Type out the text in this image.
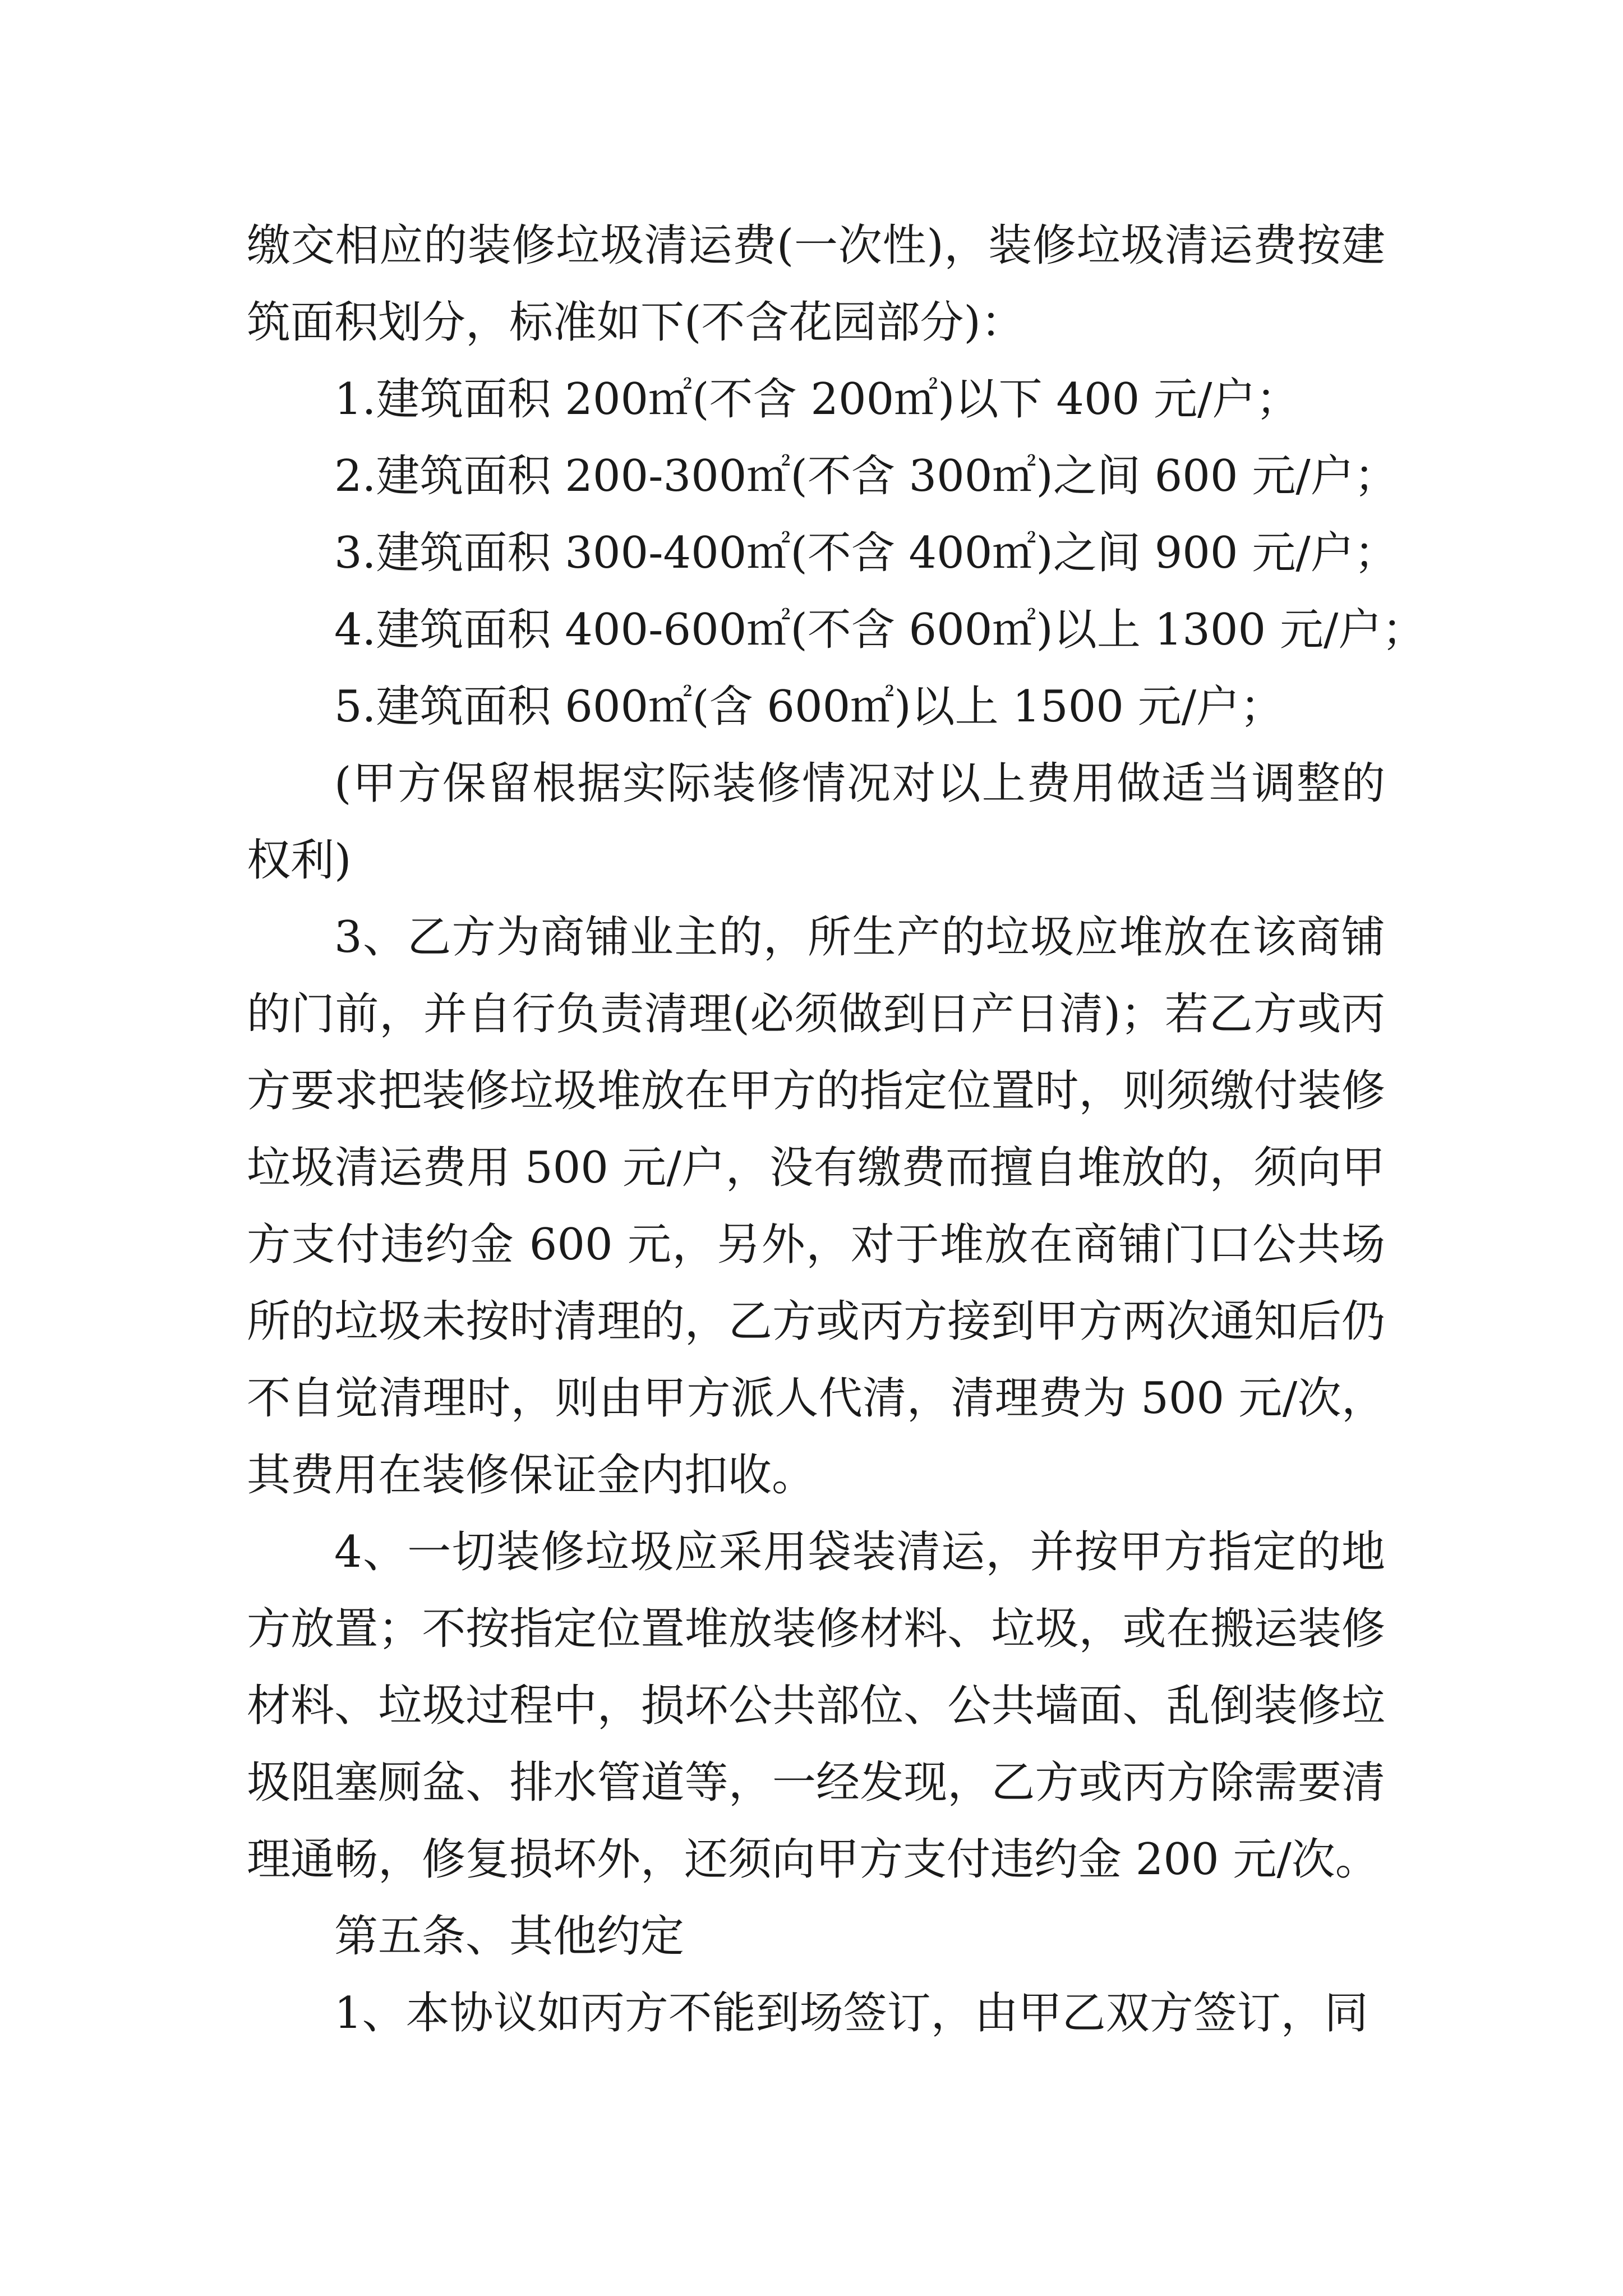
缴交相应的装修垃圾清运费(一次性)，装修垃圾清运费按建筑面积划分，标准如下(不含花园部分)：

1.建筑面积 200㎡(不含 200㎡)以下 400 元/户；

2.建筑面积 200-300㎡(不含 300㎡)之间 600 元/户；

3.建筑面积 300-400㎡(不含 400㎡)之间 900 元/户；

4.建筑面积 400-600㎡(不含 600㎡)以上 1300 元/户；

5.建筑面积 600㎡(含 600㎡)以上 1500 元/户；

(甲方保留根据实际装修情况对以上费用做适当调整的权利)

3、乙方为商铺业主的，所生产的垃圾应堆放在该商铺的门前，并自行负责清理(必须做到日产日清)；若乙方或丙方要求把装修垃圾堆放在甲方的指定位置时，则须缴付装修垃圾清运费用 500 元/户，没有缴费而擅自堆放的，须向甲方支付违约金 600 元，另外，对于堆放在商铺门口公共场所的垃圾未按时清理的，乙方或丙方接到甲方两次通知后仍不自觉清理时，则由甲方派人代清，清理费为 500 元/次，其费用在装修保证金内扣收。

4、一切装修垃圾应采用袋装清运，并按甲方指定的地方放置；不按指定位置堆放装修材料、垃圾，或在搬运装修材料、垃圾过程中，损坏公共部位、公共墙面、乱倒装修垃圾阻塞厕盆、排水管道等，一经发现，乙方或丙方除需要清理通畅，修复损坏外，还须向甲方支付违约金 200 元/次。

第五条、其他约定

1、本协议如丙方不能到场签订，由甲乙双方签订，同
